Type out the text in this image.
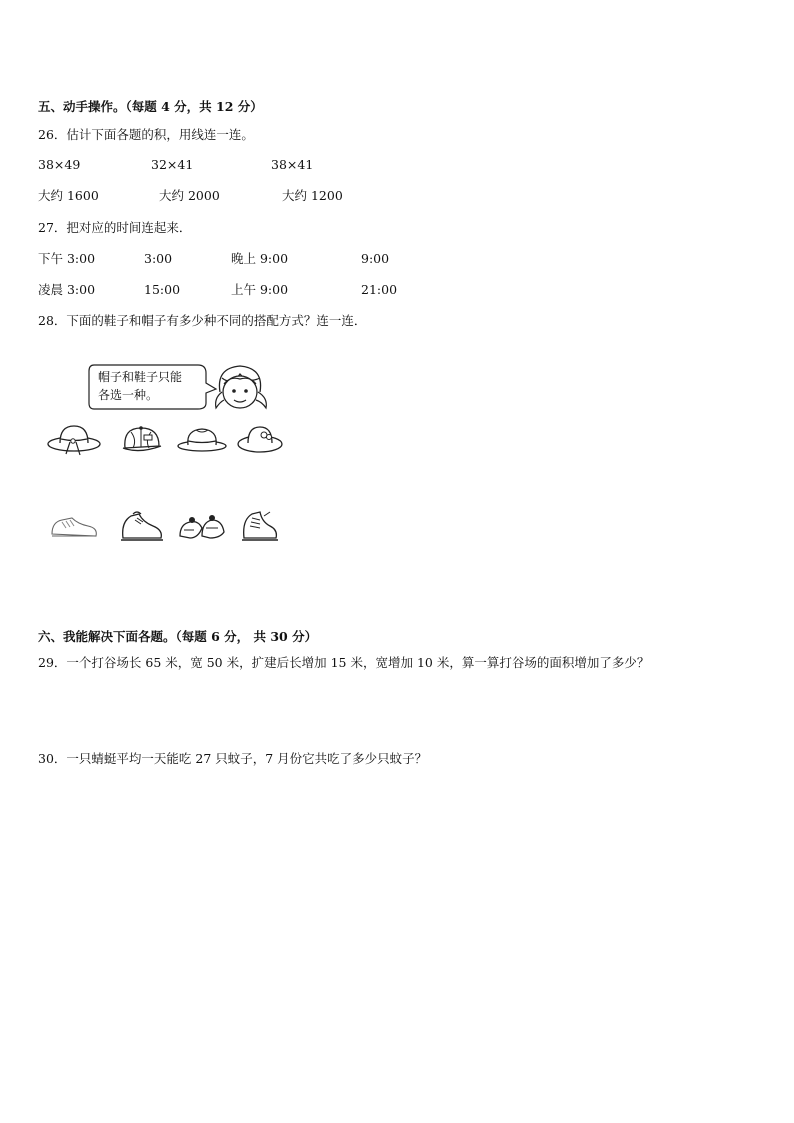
五、动手操作。（每题 4 分，共 12 分）
26．估计下面各题的积，用线连一连。
38×49	32×41	38×41
大约 1600	大约 2000	大约 1200
27．把对应的时间连起来．
下午 3:00	3:00	晚上 9:00	9:00
凌晨 3:00	15:00	上午 9:00	21:00
28．下面的鞋子和帽子有多少种不同的搭配方式？连一连．
帽子和鞋子只能
各选一种。
六、我能解决下面各题。（每题 6 分， 共 30 分）
29．一个打谷场长 65 米，宽 50 米，扩建后长增加 15 米，宽增加 10 米，算一算打谷场的面积增加了多少？
30．一只蜻蜓平均一天能吃 27 只蚊子，7 月份它共吃了多少只蚊子？
